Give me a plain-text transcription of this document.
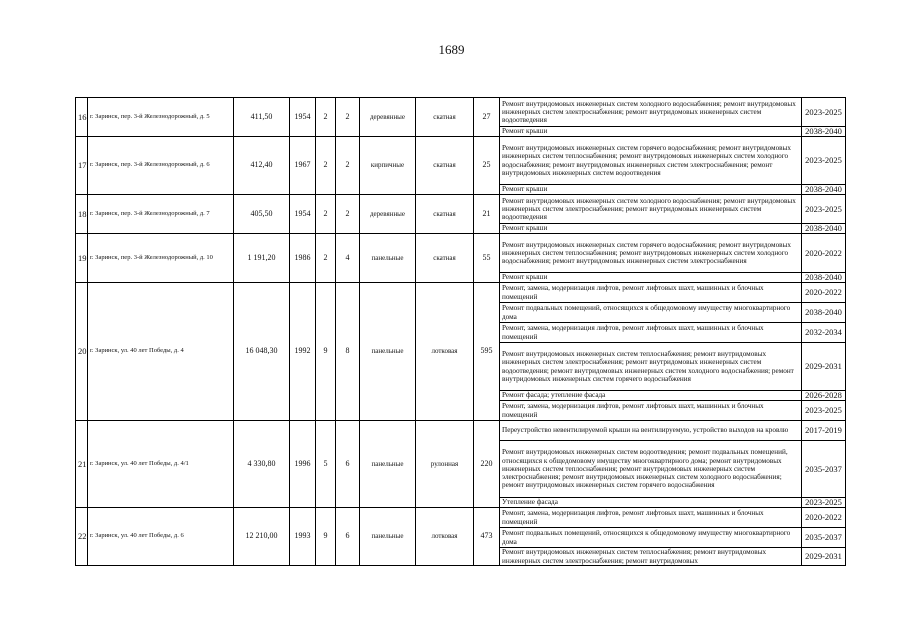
1689
16	г. Заринск, пер. 3-й Железнодорожный, д. 5	411,50	1954	2	2	деревянные	скатная	27	Ремонт внутридомовых инженерных систем холодного водоснабжения; ремонт внутридомовых инженерных систем электроснабжения; ремонт внутридомовых инженерных систем водоотведения	2023-2025
									Ремонт крыши	2038-2040
17	г. Заринск, пер. 3-й Железнодорожный, д. 6	412,40	1967	2	2	кирпичные	скатная	25	Ремонт внутридомовых инженерных систем горячего водоснабжения; ремонт внутридомовых инженерных систем теплоснабжения; ремонт внутридомовых инженерных систем холодного водоснабжения; ремонт внутридомовых инженерных систем электроснабжения; ремонт внутридомовых инженерных систем водоотведения	2023-2025
									Ремонт крыши	2038-2040
18	г. Заринск, пер. 3-й Железнодорожный, д. 7	405,50	1954	2	2	деревянные	скатная	21	Ремонт внутридомовых инженерных систем холодного водоснабжения; ремонт внутридомовых инженерных систем электроснабжения; ремонт внутридомовых инженерных систем водоотведения	2023-2025
									Ремонт крыши	2038-2040
19	г. Заринск, пер. 3-й Железнодорожный, д. 10	1 191,20	1986	2	4	панельные	скатная	55	Ремонт внутридомовых инженерных систем горячего водоснабжения; ремонт внутридомовых инженерных систем теплоснабжения; ремонт внутридомовых инженерных систем холодного водоснабжения; ремонт внутридомовых инженерных систем электроснабжения	2020-2022
									Ремонт крыши	2038-2040
20	г. Заринск, ул. 40 лет Победы, д. 4	16 048,30	1992	9	8	панельные	лотковая	595	Ремонт, замена, модернизация лифтов, ремонт лифтовых шахт, машинных и блочных помещений	2020-2022
									Ремонт подвальных помещений, относящихся к общедомовому имуществу многоквартирного дома	2038-2040
									Ремонт, замена, модернизация лифтов, ремонт лифтовых шахт, машинных и блочных помещений	2032-2034
									Ремонт внутридомовых инженерных систем теплоснабжения; ремонт внутридомовых инженерных систем электроснабжения; ремонт внутридомовых инженерных систем водоотведения; ремонт внутридомовых инженерных систем холодного водоснабжения; ремонт внутридомовых инженерных систем горячего водоснабжения	2029-2031
									Ремонт фасада; утепление фасада	2026-2028
									Ремонт, замена, модернизация лифтов, ремонт лифтовых шахт, машинных и блочных помещений	2023-2025
21	г. Заринск, ул. 40 лет Победы, д. 4/1	4 330,80	1996	5	6	панельные	рулонная	220	Переустройство невентилируемой крыши на вентилируемую, устройство выходов на кровлю	2017-2019
									Ремонт внутридомовых инженерных систем водоотведения; ремонт подвальных помещений, относящихся к общедомовому имуществу многоквартирного дома; ремонт внутридомовых инженерных систем теплоснабжения; ремонт внутридомовых инженерных систем электроснабжения; ремонт внутридомовых инженерных систем холодного водоснабжения; ремонт внутридомовых инженерных систем горячего водоснабжения	2035-2037
									Утепление фасада	2023-2025
22	г. Заринск, ул. 40 лет Победы, д. 6	12 210,00	1993	9	6	панельные	лотковая	473	Ремонт, замена, модернизация лифтов, ремонт лифтовых шахт, машинных и блочных помещений	2020-2022
									Ремонт подвальных помещений, относящихся к общедомовому имуществу многоквартирного дома	2035-2037
									Ремонт внутридомовых инженерных систем теплоснабжения; ремонт внутридомовых инженерных систем электроснабжения; ремонт внутридомовых	2029-2031
